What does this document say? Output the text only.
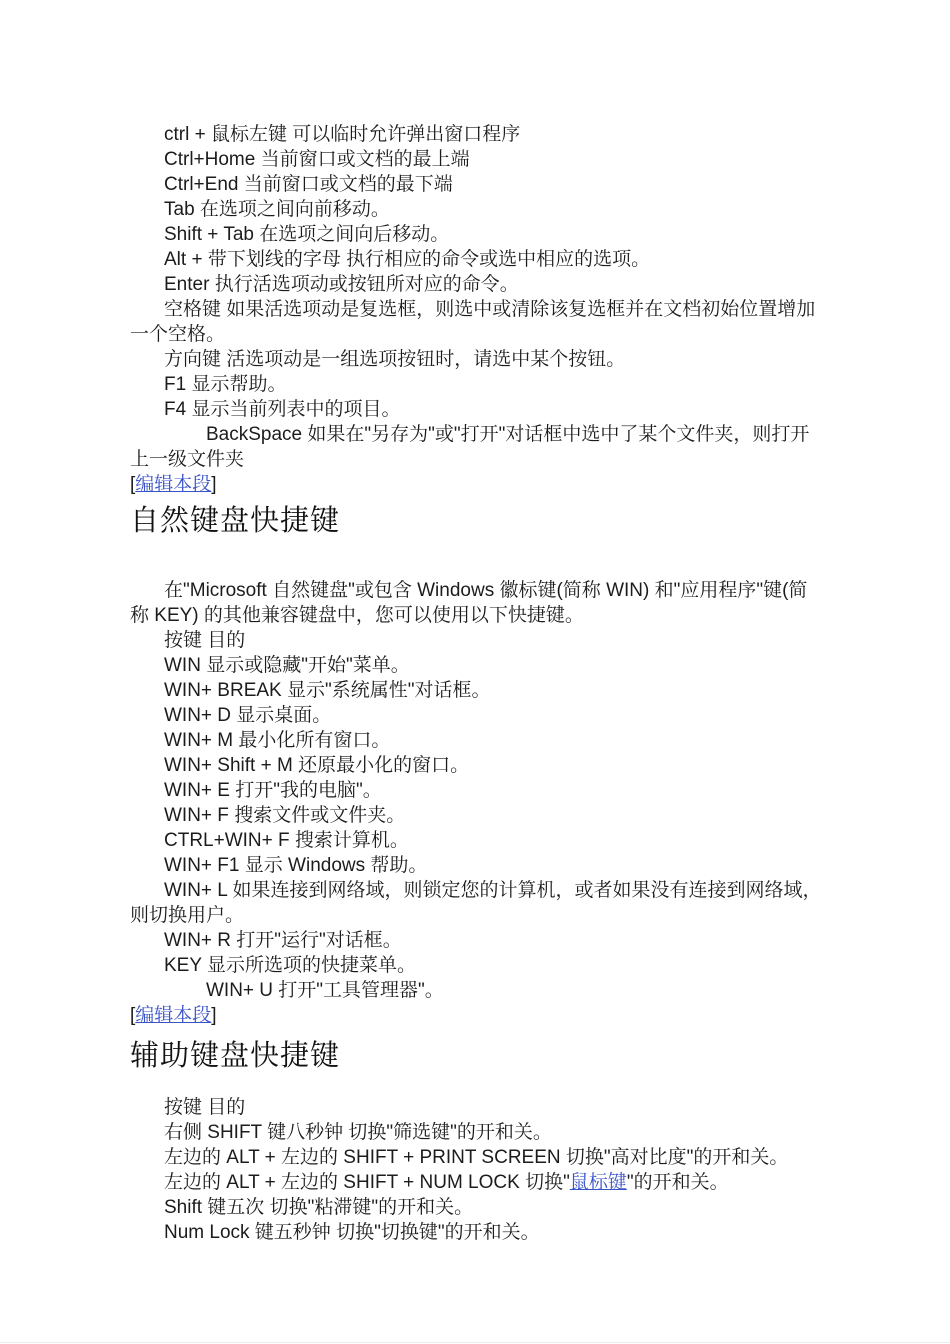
ctrl + 鼠标左键 可以临时允许弹出窗口程序

Ctrl+Home 当前窗口或文档的最上端

Ctrl+End 当前窗口或文档的最下端

Tab 在选项之间向前移动。

Shift + Tab 在选项之间向后移动。

Alt + 带下划线的字母 执行相应的命令或选中相应的选项。

Enter 执行活选项动或按钮所对应的命令。

空格键 如果活选项动是复选框，则选中或清除该复选框并在文档初始位置增加一个空格。

方向键 活选项动是一组选项按钮时，请选中某个按钮。

F1 显示帮助。

F4 显示当前列表中的项目。

BackSpace 如果在"另存为"或"打开"对话框中选中了某个文件夹，则打开上一级文件夹

[编辑本段]

自然键盘快捷键

在"Microsoft 自然键盘"或包含 Windows 徽标键(简称 WIN) 和"应用程序"键(简称 KEY) 的其他兼容键盘中，您可以使用以下快捷键。

按键 目的

WIN 显示或隐藏"开始"菜单。

WIN+ BREAK 显示"系统属性"对话框。

WIN+ D 显示桌面。

WIN+ M 最小化所有窗口。

WIN+ Shift + M 还原最小化的窗口。

WIN+ E 打开"我的电脑"。

WIN+ F 搜索文件或文件夹。

CTRL+WIN+ F 搜索计算机。

WIN+ F1 显示 Windows 帮助。

WIN+ L 如果连接到网络域，则锁定您的计算机，或者如果没有连接到网络域，则切换用户。

WIN+ R 打开"运行"对话框。

KEY 显示所选项的快捷菜单。

WIN+ U 打开"工具管理器"。

[编辑本段]

辅助键盘快捷键

按键 目的

右侧 SHIFT 键八秒钟 切换"筛选键"的开和关。

左边的 ALT + 左边的 SHIFT + PRINT SCREEN 切换"高对比度"的开和关。

左边的 ALT + 左边的 SHIFT + NUM LOCK 切换"鼠标键"的开和关。

Shift 键五次 切换"粘滞键"的开和关。

Num Lock 键五秒钟 切换"切换键"的开和关。
